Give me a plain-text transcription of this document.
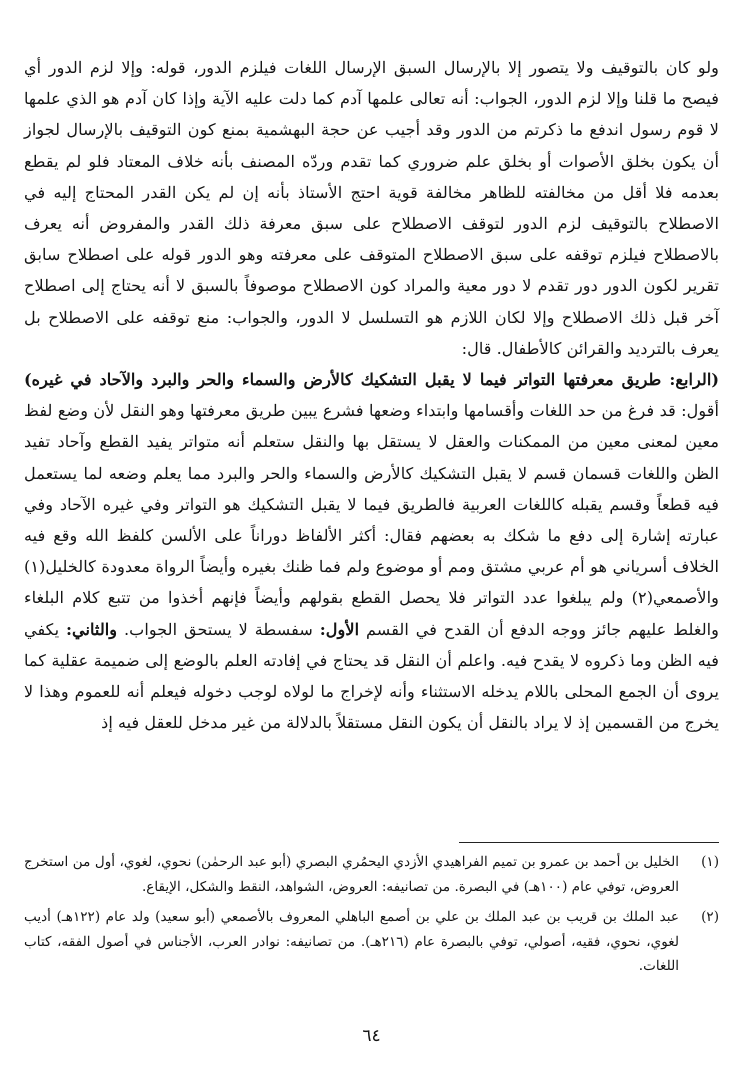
ولو كان بالتوقيف ولا يتصور إلا بالإرسال السبق الإرسال اللغات فيلزم الدور، قوله: وإلا لزم الدور أي فيصح ما قلنا وإلا لزم الدور، الجواب: أنه تعالى علمها آدم كما دلت عليه الآية وإذا كان آدم هو الذي علمها لا قوم رسول اندفع ما ذكرتم من الدور وقد أجيب عن حجة البهشمية بمنع كون التوقيف بالإرسال لجواز أن يكون بخلق الأصوات أو بخلق علم ضروري كما تقدم وردّه المصنف بأنه خلاف المعتاد فلو لم يقطع بعدمه فلا أقل من مخالفته للظاهر مخالفة قوية احتج الأستاذ بأنه إن لم يكن القدر المحتاج إليه في الاصطلاح بالتوقيف لزم الدور لتوقف الاصطلاح على سبق معرفة ذلك القدر والمفروض أنه يعرف بالاصطلاح فيلزم توقفه على سبق الاصطلاح المتوقف على معرفته وهو الدور قوله على اصطلاح سابق تقرير لكون الدور دور تقدم لا دور معية والمراد كون الاصطلاح موصوفاً بالسبق لا أنه يحتاج إلى اصطلاح آخر قبل ذلك الاصطلاح وإلا لكان اللازم هو التسلسل لا الدور، والجواب: منع توقفه على الاصطلاح بل يعرف بالترديد والقرائن كالأطفال. قال:

(الرابع: طريق معرفتها التواتر فيما لا يقبل التشكيك كالأرض والسماء والحر والبرد والآحاد في غيره) أقول: قد فرغ من حد اللغات وأقسامها وابتداء وضعها فشرع يبين طريق معرفتها وهو النقل لأن وضع لفظ معين لمعنى معين من الممكنات والعقل لا يستقل بها والنقل ستعلم أنه متواتر يفيد القطع وآحاد تفيد الظن واللغات قسمان قسم لا يقبل التشكيك كالأرض والسماء والحر والبرد مما يعلم وضعه لما يستعمل فيه قطعاً وقسم يقبله كاللغات العربية فالطريق فيما لا يقبل التشكيك هو التواتر وفي غيره الآحاد وفي عبارته إشارة إلى دفع ما شكك به بعضهم فقال: أكثر الألفاظ دوراناً على الألسن كلفظ الله وقع فيه الخلاف أسرياني هو أم عربي مشتق ومم أو موضوع ولم فما ظنك بغيره وأيضاً الرواة معدودة كالخليل(١) والأصمعي(٢) ولم يبلغوا عدد التواتر فلا يحصل القطع بقولهم وأيضاً فإنهم أخذوا من تتبع كلام البلغاء والغلط عليهم جائز ووجه الدفع أن القدح في القسم الأول: سفسطة لا يستحق الجواب. والثاني: يكفي فيه الظن وما ذكروه لا يقدح فيه. واعلم أن النقل قد يحتاج في إفادته العلم بالوضع إلى ضميمة عقلية كما يروى أن الجمع المحلى باللام يدخله الاستثناء وأنه لإخراج ما لولاه لوجب دخوله فيعلم أنه للعموم وهذا لا يخرج من القسمين إذ لا يراد بالنقل أن يكون النقل مستقلاً بالدلالة من غير مدخل للعقل فيه إذ

(١)
الخليل بن أحمد بن عمرو بن تميم الفراهيدي الأزدي اليحمُري البصري (أبو عبد الرحمٰن) نحوي، لغوي، أول من استخرج العروض، توفي عام (١٠٠هـ) في البصرة. من تصانيفه: العروض، الشواهد، النقط والشكل، الإيقاع.
(٢)
عبد الملك بن قريب بن عبد الملك بن علي بن أصمع الباهلي المعروف بالأصمعي (أبو سعيد) ولد عام (١٢٢هـ) أديب لغوي، نحوي، فقيه، أصولي، توفي بالبصرة عام (٢١٦هـ). من تصانيفه: نوادر العرب، الأجناس في أصول الفقه، كتاب اللغات.
٦٤
